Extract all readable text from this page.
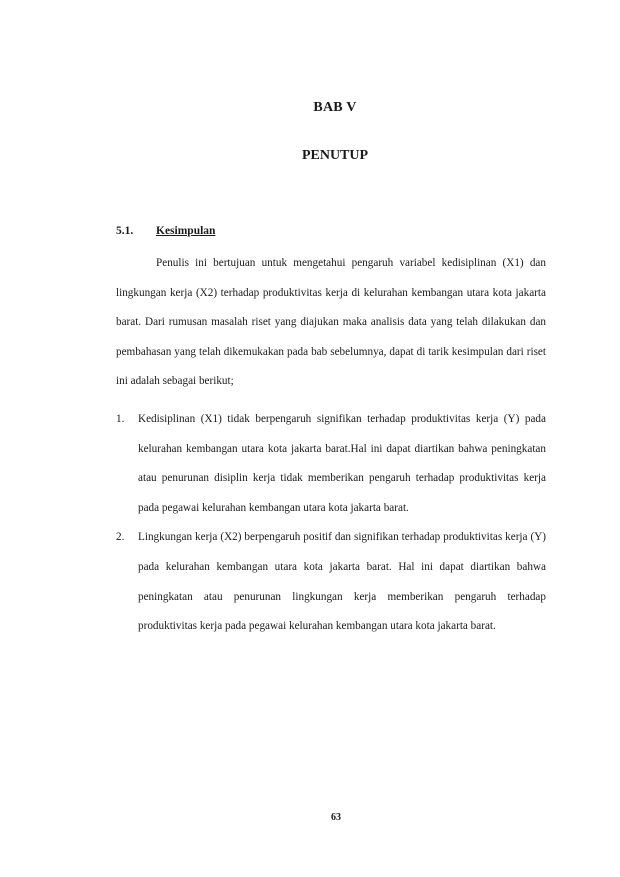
BAB V
PENUTUP
5.1. Kesimpulan

Penulis ini bertujuan untuk mengetahui pengaruh variabel kedisiplinan (X1) dan lingkungan kerja (X2) terhadap produktivitas kerja di kelurahan kembangan utara kota jakarta barat. Dari rumusan masalah riset yang diajukan maka analisis data yang telah dilakukan dan pembahasan yang telah dikemukakan pada bab sebelumnya, dapat di tarik kesimpulan dari riset ini adalah sebagai berikut;

1. Kedisiplinan (X1) tidak berpengaruh signifikan terhadap produktivitas kerja (Y) pada kelurahan kembangan utara kota jakarta barat.Hal ini dapat diartikan bahwa peningkatan atau penurunan disiplin kerja tidak memberikan pengaruh terhadap produktivitas kerja pada pegawai kelurahan kembangan utara kota jakarta barat.
2. Lingkungan kerja (X2) berpengaruh positif dan signifikan terhadap produktivitas kerja (Y) pada kelurahan kembangan utara kota jakarta barat. Hal ini dapat diartikan bahwa peningkatan atau penurunan lingkungan kerja memberikan pengaruh terhadap produktivitas kerja pada pegawai kelurahan kembangan utara kota jakarta barat.
63
